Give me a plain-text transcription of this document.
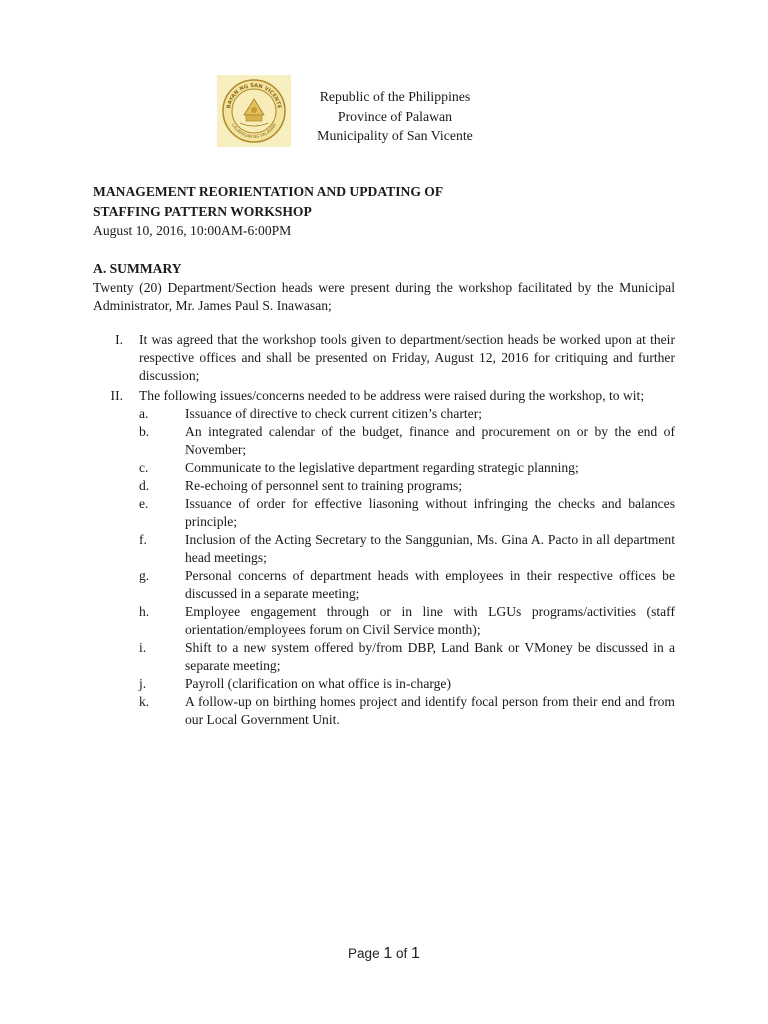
BAYAN NG SAN VICENTE
LALAWIGAN NG PALAWAN
Republic of the Philippines
Province of Palawan
Municipality of San Vicente
MANAGEMENT REORIENTATION AND UPDATING OF
STAFFING PATTERN WORKSHOP
August 10, 2016, 10:00AM-6:00PM
A. SUMMARY
Twenty (20) Department/Section heads were present during the workshop facilitated by the Municipal Administrator, Mr. James Paul S. Inawasan;
I. It was agreed that the workshop tools given to department/section heads be worked upon at their respective offices and shall be presented on Friday, August 12, 2016 for critiquing and further discussion;
II. The following issues/concerns needed to be address were raised during the workshop, to wit;
a.	Issuance of directive to check current citizen’s charter;
b.	An integrated calendar of the budget, finance and procurement on or by the end of November;
c.	Communicate to the legislative department regarding strategic planning;
d.	Re-echoing of personnel sent to training programs;
e.	Issuance of order for effective liasoning without infringing the checks and balances principle;
f.	Inclusion of the Acting Secretary to the Sanggunian, Ms. Gina A. Pacto in all department head meetings;
g.	Personal concerns of department heads with employees in their respective offices be discussed in a separate meeting;
h.	Employee engagement through or in line with LGUs programs/activities (staff orientation/employees forum on Civil Service month);
i.	Shift to a new system offered by/from DBP, Land Bank or VMoney be discussed in a separate meeting;
j.	Payroll (clarification on what office is in-charge)
k.	A follow-up on birthing homes project and identify focal person from their end and from our Local Government Unit.
Page 1 of 1
